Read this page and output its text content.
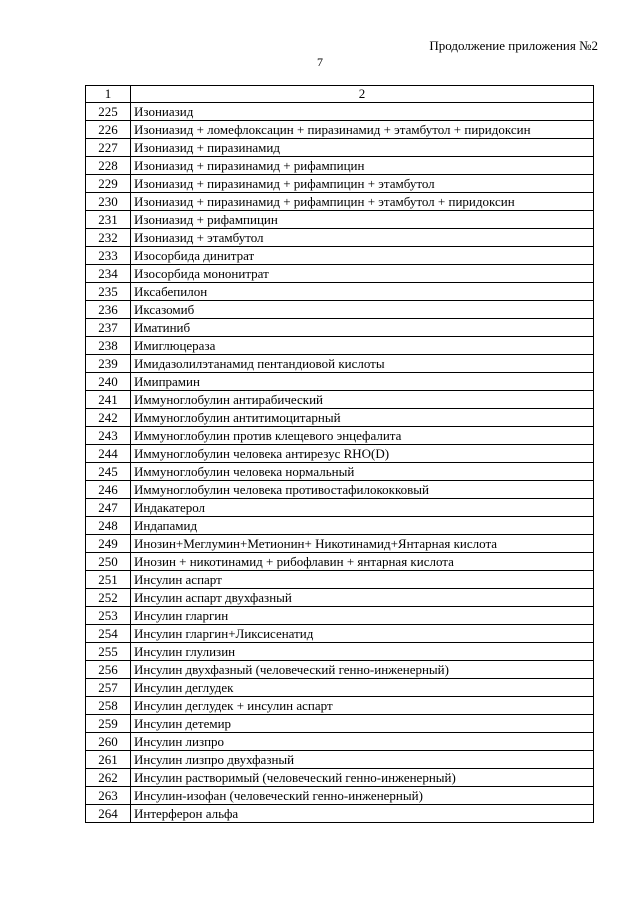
Продолжение приложения №2
7
1	2
225	Изониазид
226	Изониазид + ломефлоксацин + пиразинамид + этамбутол + пиридоксин
227	Изониазид + пиразинамид
228	Изониазид + пиразинамид + рифампицин
229	Изониазид + пиразинамид + рифампицин + этамбутол
230	Изониазид + пиразинамид + рифампицин + этамбутол + пиридоксин
231	Изониазид + рифампицин
232	Изониазид + этамбутол
233	Изосорбида динитрат
234	Изосорбида мононитрат
235	Иксабепилон
236	Иксазомиб
237	Иматиниб
238	Имиглюцераза
239	Имидазолилэтанамид пентандиовой кислоты
240	Имипрамин
241	Иммуноглобулин антирабический
242	Иммуноглобулин антитимоцитарный
243	Иммуноглобулин против клещевого энцефалита
244	Иммуноглобулин человека антирезус RHO(D)
245	Иммуноглобулин человека нормальный
246	Иммуноглобулин человека противостафилококковый
247	Индакатерол
248	Индапамид
249	Инозин+Меглумин+Метионин+ Никотинамид+Янтарная кислота
250	Инозин + никотинамид + рибофлавин + янтарная кислота
251	Инсулин аспарт
252	Инсулин аспарт двухфазный
253	Инсулин гларгин
254	Инсулин гларгин+Ликсисенатид
255	Инсулин глулизин
256	Инсулин двухфазный (человеческий генно-инженерный)
257	Инсулин деглудек
258	Инсулин деглудек + инсулин аспарт
259	Инсулин детемир
260	Инсулин лизпро
261	Инсулин лизпро двухфазный
262	Инсулин растворимый (человеческий генно-инженерный)
263	Инсулин-изофан (человеческий генно-инженерный)
264	Интерферон альфа
